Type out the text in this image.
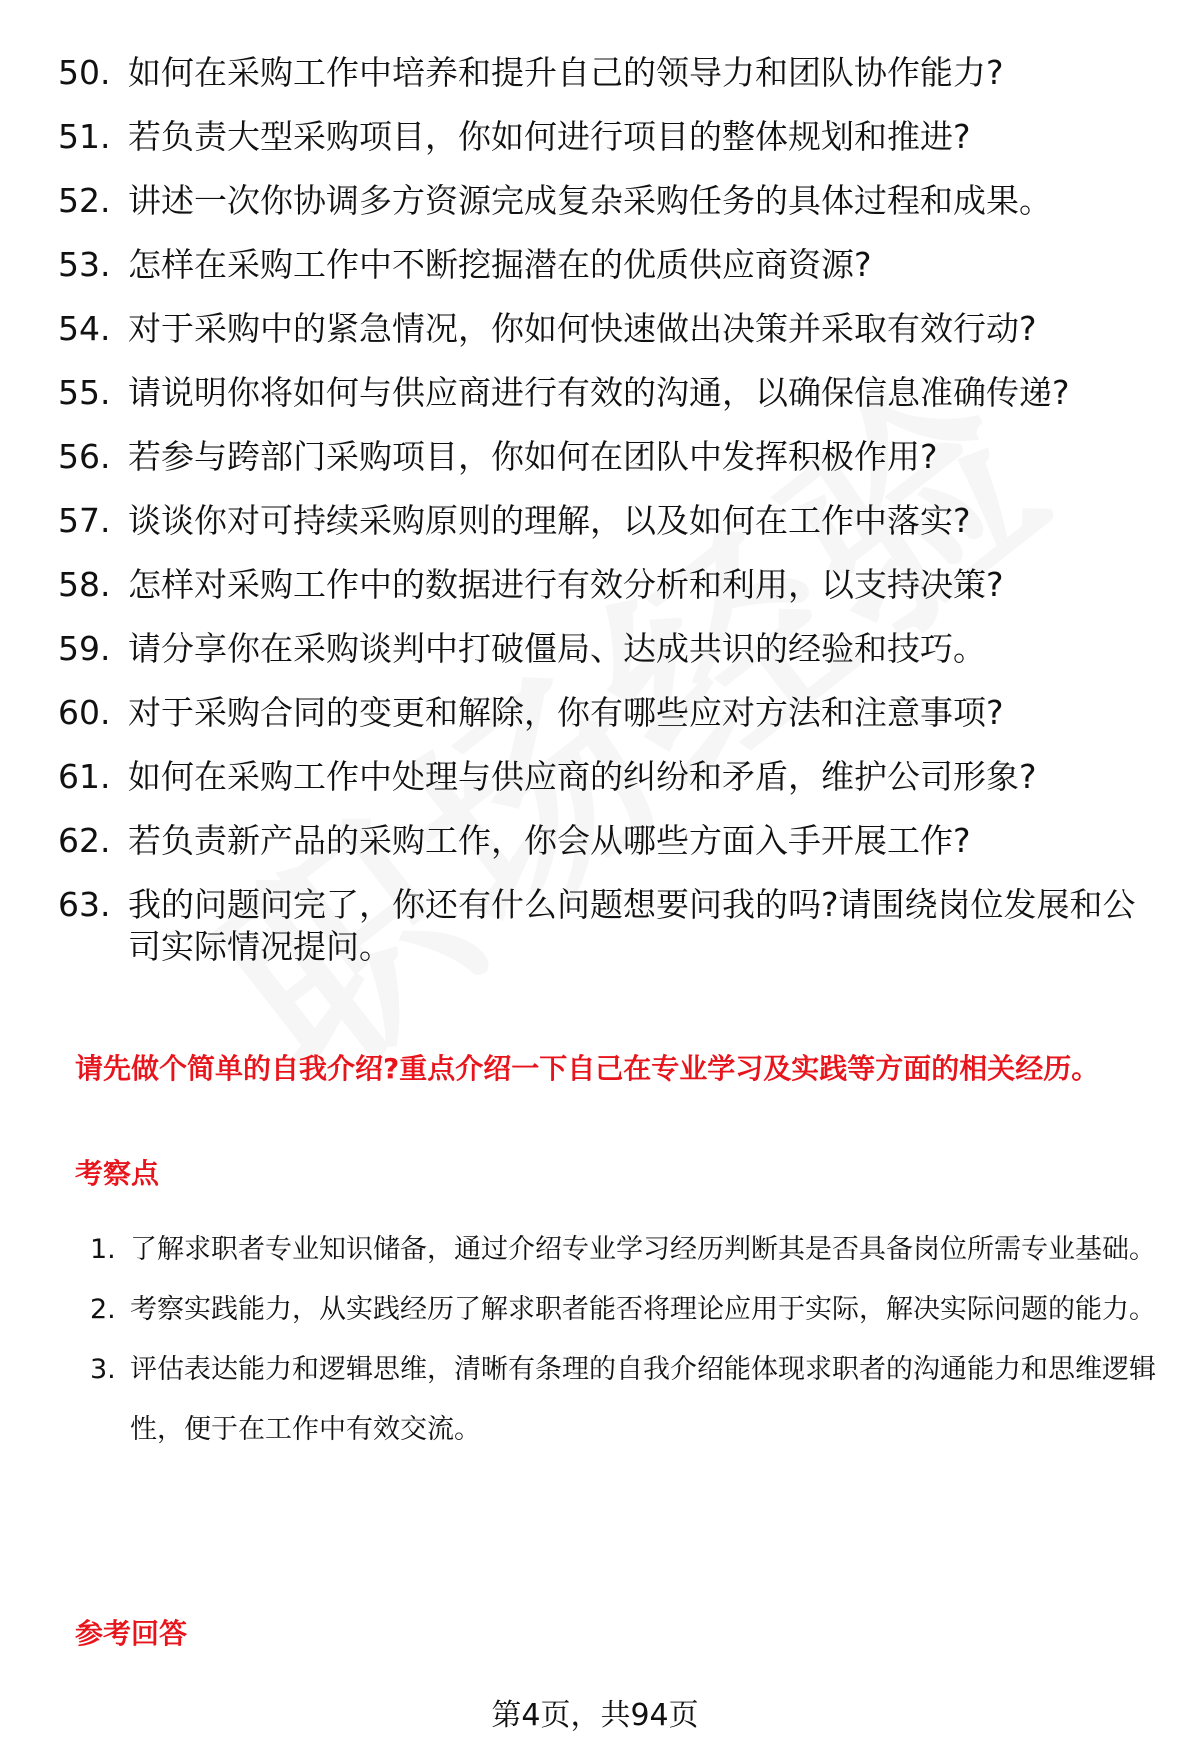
50. 如何在采购工作中培养和提升自己的领导力和团队协作能力?
51. 若负责大型采购项目，你如何进行项目的整体规划和推进?
52. 讲述一次你协调多方资源完成复杂采购任务的具体过程和成果。
53. 怎样在采购工作中不断挖掘潜在的优质供应商资源?
54. 对于采购中的紧急情况，你如何快速做出决策并采取有效行动?
55. 请说明你将如何与供应商进行有效的沟通，以确保信息准确传递?
56. 若参与跨部门采购项目，你如何在团队中发挥积极作用?
57. 谈谈你对可持续采购原则的理解，以及如何在工作中落实?
58. 怎样对采购工作中的数据进行有效分析和利用，以支持决策?
59. 请分享你在采购谈判中打破僵局、达成共识的经验和技巧。
60. 对于采购合同的变更和解除，你有哪些应对方法和注意事项?
61. 如何在采购工作中处理与供应商的纠纷和矛盾，维护公司形象?
62. 若负责新产品的采购工作，你会从哪些方面入手开展工作?
63. 我的问题问完了，你还有什么问题想要问我的吗?请围绕岗位发展和公司实际情况提问。
请先做个简单的自我介绍?重点介绍一下自己在专业学习及实践等方面的相关经历。
考察点
1. 了解求职者专业知识储备，通过介绍专业学习经历判断其是否具备岗位所需专业基础。
2. 考察实践能力，从实践经历了解求职者能否将理论应用于实际，解决实际问题的能力。
3. 评估表达能力和逻辑思维，清晰有条理的自我介绍能体现求职者的沟通能力和思维逻辑性，便于在工作中有效交流。
参考回答
第4页，共94页
